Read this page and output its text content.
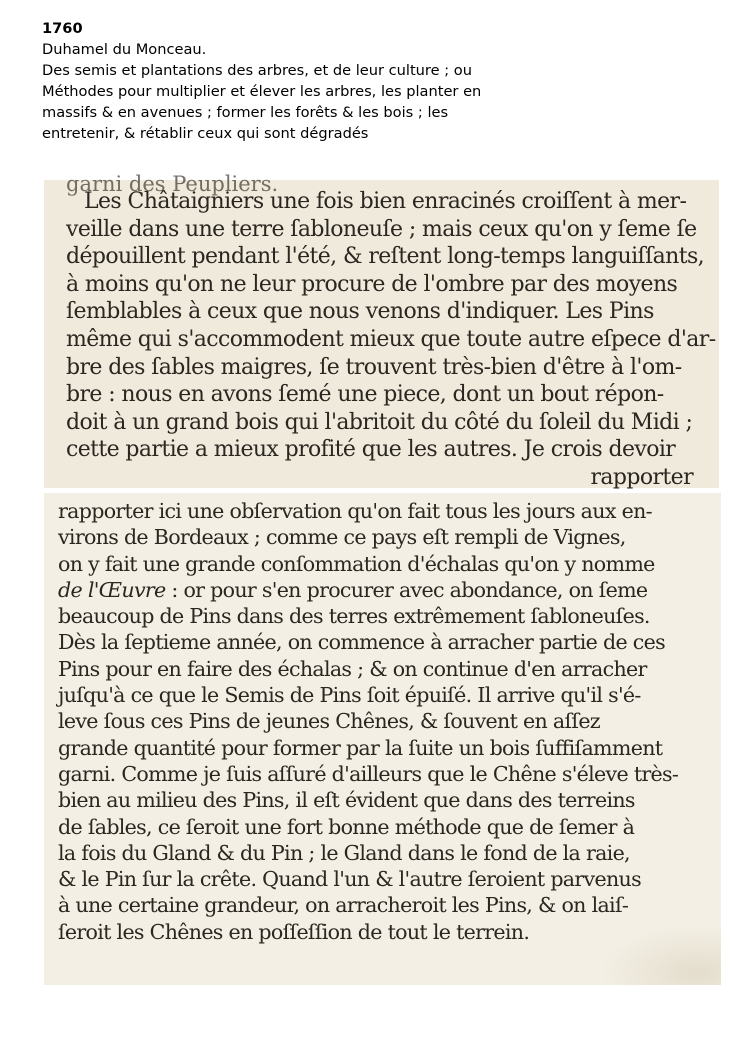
1760
Duhamel du Monceau.
Des semis et plantations des arbres, et de leur culture ; ou
Méthodes pour multiplier et élever les arbres, les planter en
massifs & en avenues ; former les forêts & les bois ; les
entretenir, & rétablir ceux qui sont dégradés
garni des Peupliers.
Les Châtaigniers une fois bien enracinés croiſſent à mer-
veille dans une terre ſabloneuſe ; mais ceux qu'on y ſeme ſe
dépouillent pendant l'été, & reſtent long-temps languiſſants,
à moins qu'on ne leur procure de l'ombre par des moyens
ſemblables à ceux que nous venons d'indiquer. Les Pins
même qui s'accommodent mieux que toute autre eſpece d'ar-
bre des ſables maigres, ſe trouvent très-bien d'être à l'om-
bre : nous en avons ſemé une piece, dont un bout répon-
doit à un grand bois qui l'abritoit du côté du ſoleil du Midi ;
cette partie a mieux profité que les autres. Je crois devoir
rapporter
rapporter ici une obſervation qu'on fait tous les jours aux en-
virons de Bordeaux ; comme ce pays eſt rempli de Vignes,
on y fait une grande conſommation d'échalas qu'on y nomme
de l'Œuvre : or pour s'en procurer avec abondance, on ſeme
beaucoup de Pins dans des terres extrêmement ſabloneuſes.
Dès la ſeptieme année, on commence à arracher partie de ces
Pins pour en faire des échalas ; & on continue d'en arracher
juſqu'à ce que le Semis de Pins ſoit épuiſé. Il arrive qu'il s'é-
leve ſous ces Pins de jeunes Chênes, & ſouvent en aſſez
grande quantité pour former par la ſuite un bois ſuffiſamment
garni. Comme je ſuis aſſuré d'ailleurs que le Chêne s'éleve très-
bien au milieu des Pins, il eſt évident que dans des terreins
de ſables, ce ſeroit une fort bonne méthode que de ſemer à
la fois du Gland & du Pin ; le Gland dans le fond de la raie,
& le Pin ſur la crête. Quand l'un & l'autre ſeroient parvenus
à une certaine grandeur, on arracheroit les Pins, & on laiſ-
ſeroit les Chênes en poſſeſſion de tout le terrein.
